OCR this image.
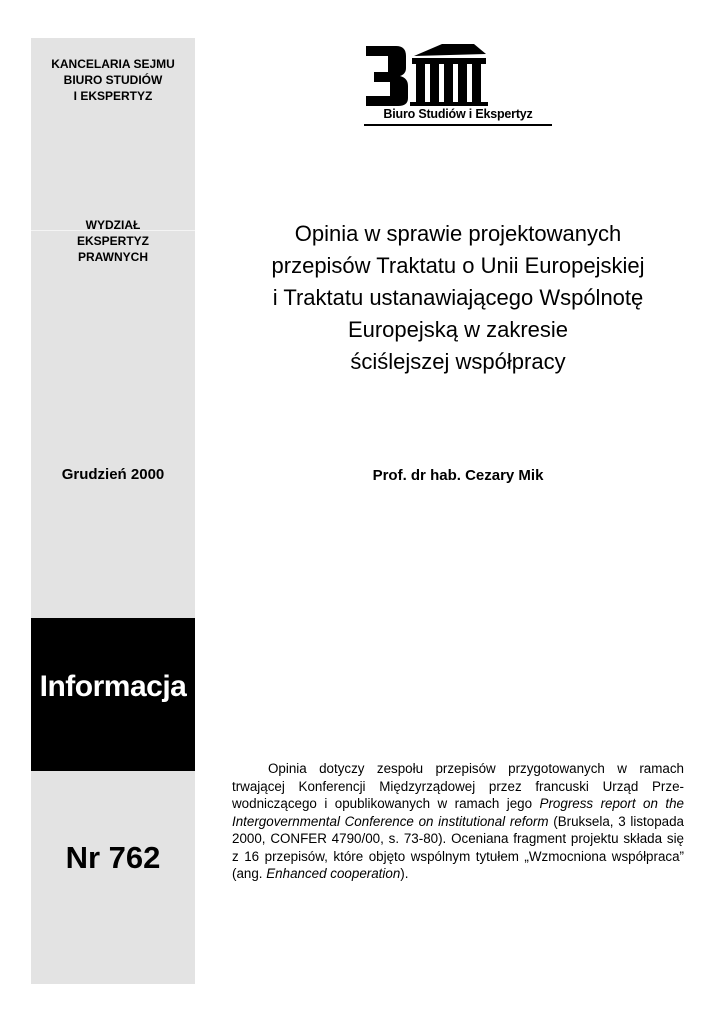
KANCELARIA SEJMU
BIURO STUDIÓW
I EKSPERTYZ
WYDZIAŁ
EKSPERTYZ
PRAWNYCH
Grudzień 2000
Informacja
Nr 762
Biuro Studiów i Ekspertyz
Opinia w sprawie projektowanych
przepisów Traktatu o Unii Europejskiej
i Traktatu ustanawiającego Wspólnotę
Europejską w zakresie
ściślejszej współpracy
Prof. dr hab. Cezary Mik
Opinia dotyczy zespołu przepisów przygotowanych w ramach trwającej Konferencji Międzyrządowej przez francuski Urząd Przewodniczącego i opublikowanych w ramach jego Progress report on the Intergovernmental Conference on institutional reform (Bruksela, 3 listopada 2000, CONFER 4790/00, s. 73-80). Oceniana fragment projektu składa się z 16 przepisów, które objęto wspólnym tytułem „Wzmocniona współpraca” (ang. Enhanced cooperation).
